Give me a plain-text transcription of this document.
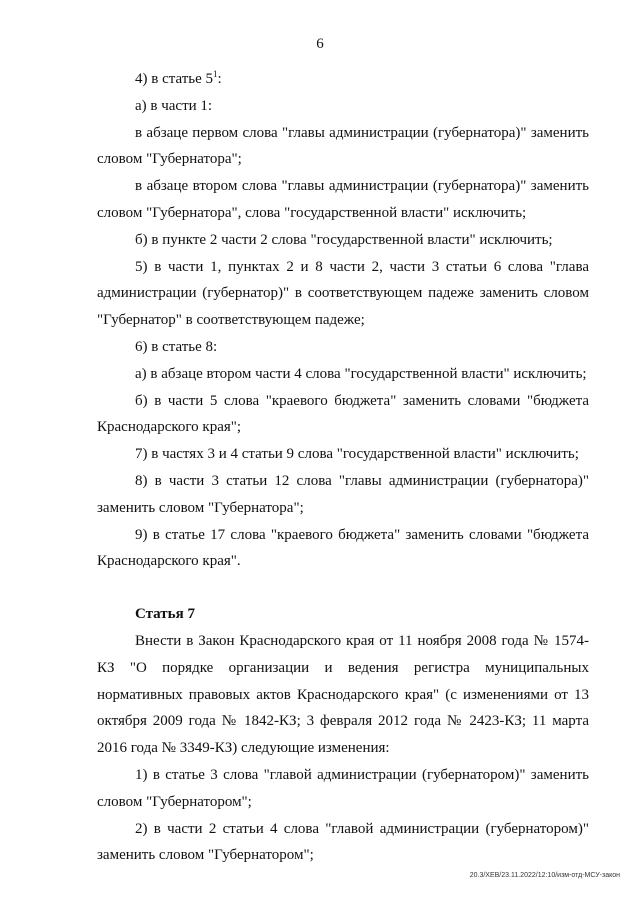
6

4) в статье $5^1$:

а) в части 1:

в абзаце первом слова "главы администрации (губернатора)" заменить словом "Губернатора";

в абзаце втором слова "главы администрации (губернатора)" заменить словом "Губернатора", слова "государственной власти" исключить;

б) в пункте 2 части 2 слова "государственной власти" исключить;

5) в части 1, пунктах 2 и 8 части 2, части 3 статьи 6 слова "глава администрации (губернатор)" в соответствующем падеже заменить словом "Губернатор" в соответствующем падеже;

6) в статье 8:

а) в абзаце втором части 4 слова "государственной власти" исключить;

б) в части 5 слова "краевого бюджета" заменить словами "бюджета Краснодарского края";

7) в частях 3 и 4 статьи 9 слова "государственной власти" исключить;

8) в части 3 статьи 12 слова "главы администрации (губернатора)" заменить словом "Губернатора";

9) в статье 17 слова "краевого бюджета" заменить словами "бюджета Краснодарского края".

Статья 7

Внести в Закон Краснодарского края от 11 ноября 2008 года № 1574-КЗ "О порядке организации и ведения регистра муниципальных нормативных правовых актов Краснодарского края" (с изменениями от 13 октября 2009 года № 1842-КЗ; 3 февраля 2012 года № 2423-КЗ; 11 марта 2016 года № 3349-КЗ) следующие изменения:

1) в статье 3 слова "главой администрации (губернатором)" заменить словом "Губернатором";

2) в части 2 статьи 4 слова "главой администрации (губернатором)" заменить словом "Губернатором";

20.3/ХЕВ/23.11.2022/12:10/изм-отд-МСУ-закон
